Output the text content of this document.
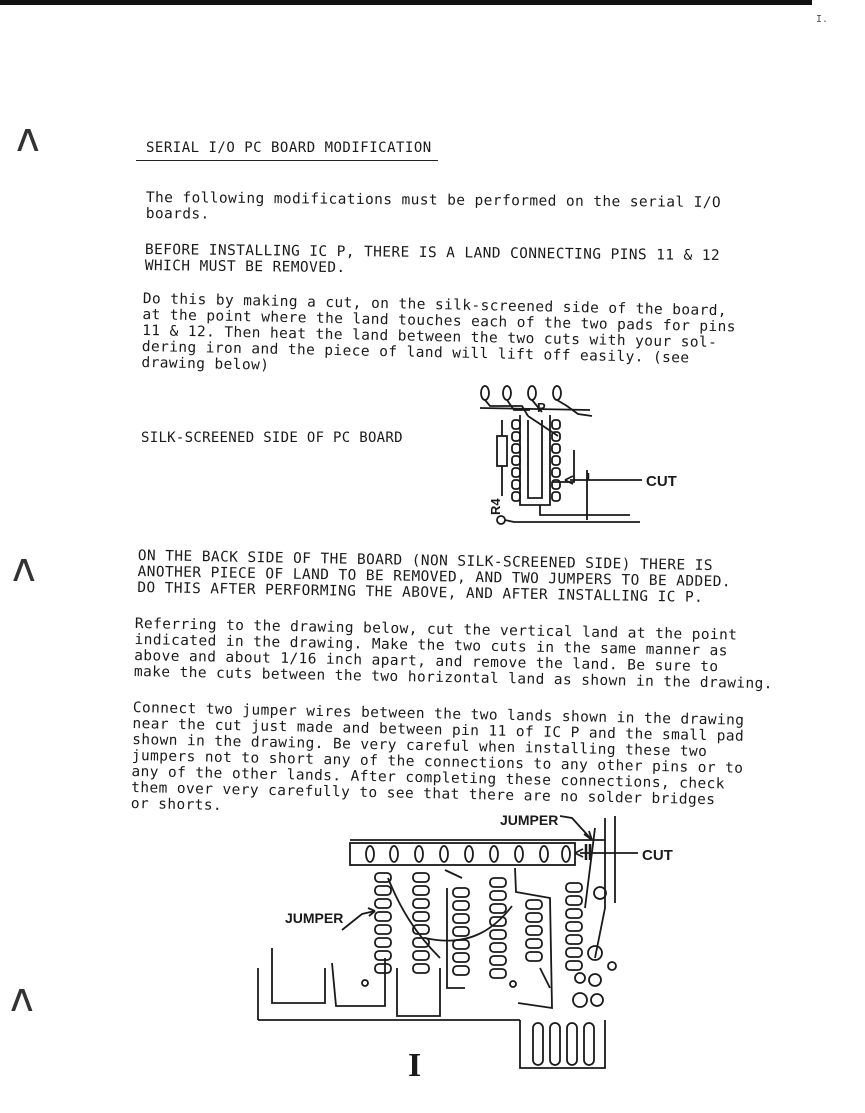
I.
ʌ
ʌ
ʌ
SERIAL I/O PC BOARD MODIFICATION

The following modifications must be performed on the serial I/O
boards.

BEFORE INSTALLING IC P, THERE IS A LAND CONNECTING PINS 11 & 12
WHICH MUST BE REMOVED.

Do this by making a cut, on the silk-screened side of the board,
at the point where the land touches each of the two pads for pins
11 & 12. Then heat the land between the two cuts with your sol-
dering iron and the piece of land will lift off easily. (see
drawing below)

SILK-SCREENED SIDE OF PC BOARD
P
R4
CUT

ON THE BACK SIDE OF THE BOARD (NON SILK-SCREENED SIDE) THERE IS
ANOTHER PIECE OF LAND TO BE REMOVED, AND TWO JUMPERS TO BE ADDED.
DO THIS AFTER PERFORMING THE ABOVE, AND AFTER INSTALLING IC P.

Referring to the drawing below, cut the vertical land at the point
indicated in the drawing. Make the two cuts in the same manner as
above and about 1/16 inch apart, and remove the land. Be sure to
make the cuts between the two horizontal land as shown in the drawing.

Connect two jumper wires between the two lands shown in the drawing
near the cut just made and between pin 11 of IC P and the small pad
shown in the drawing. Be very careful when installing these two
jumpers not to short any of the connections to any other pins or to
any of the other lands. After completing these connections, check
them over very carefully to see that there are no solder bridges
or shorts.

JUMPER
JUMPER
CUT
I
